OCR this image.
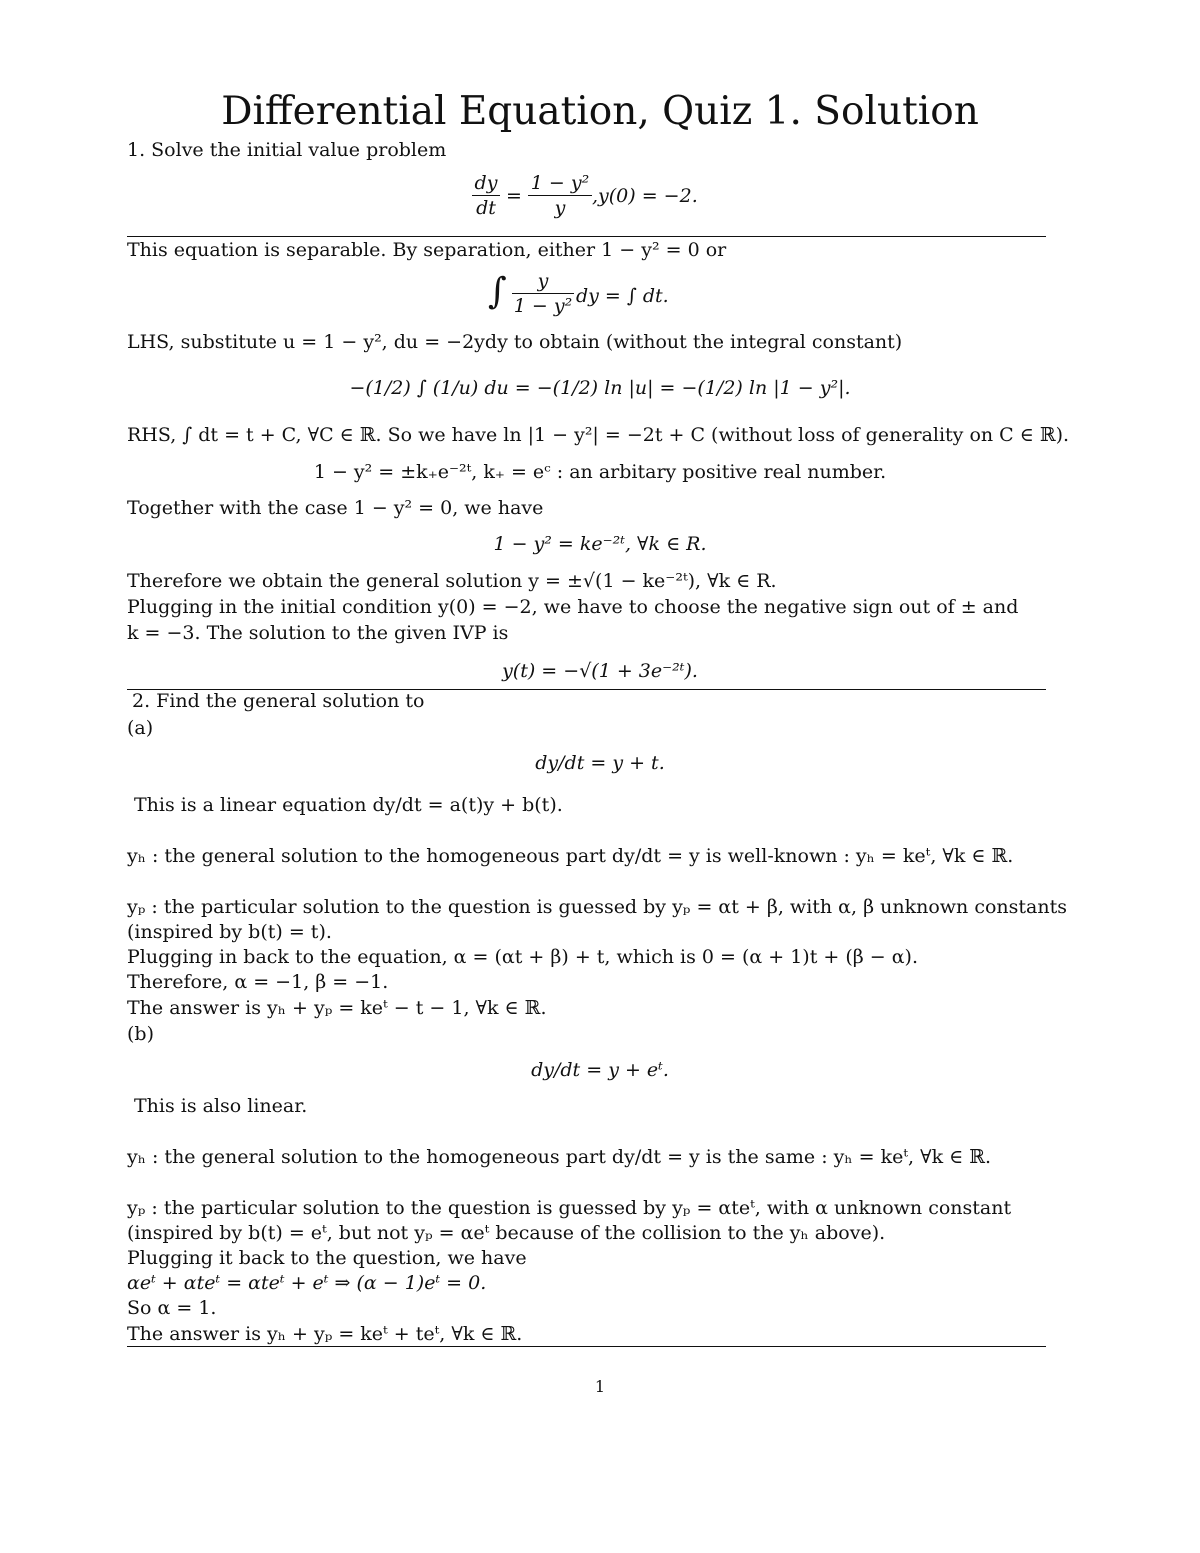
Differential Equation, Quiz 1. Solution
1. Solve the initial value problem
dy
dt
=
1 − y²
y
,y(0) = −2.
This equation is separable. By separation, either 1 − y² = 0 or
∫	y
1 − y² dy = ∫ dt.
LHS, substitute u = 1 − y², du = −2ydy to obtain (without the integral constant)
−(1/2) ∫ (1/u) du = −(1/2) ln |u| = −(1/2) ln |1 − y²|.
RHS, ∫ dt = t + C, ∀C ∈ ℝ. So we have ln |1 − y²| = −2t + C (without loss of generality on C ∈ ℝ).
1 − y² = ±k₊e⁻²ᵗ, k₊ = eᶜ : an arbitary positive real number.
Together with the case 1 − y² = 0, we have
1 − y² = ke⁻²ᵗ, ∀k ∈ R.
Therefore we obtain the general solution y = ±√(1 − ke⁻²ᵗ), ∀k ∈ R.
Plugging in the initial condition y(0) = −2, we have to choose the negative sign out of ± and
k = −3. The solution to the given IVP is
y(t) = −√(1 + 3e⁻²ᵗ).
2. Find the general solution to
(a)
dy/dt = y + t.
This is a linear equation dy/dt = a(t)y + b(t).
yₕ : the general solution to the homogeneous part dy/dt = y is well-known : yₕ = keᵗ, ∀k ∈ ℝ.
yₚ : the particular solution to the question is guessed by yₚ = αt + β, with α, β unknown constants
(inspired by b(t) = t).
Plugging in back to the equation, α = (αt + β) + t, which is 0 = (α + 1)t + (β − α).
Therefore, α = −1, β = −1.
The answer is yₕ + yₚ = keᵗ − t − 1, ∀k ∈ ℝ.
(b)
dy/dt = y + eᵗ.
This is also linear.
yₕ : the general solution to the homogeneous part dy/dt = y is the same : yₕ = keᵗ, ∀k ∈ ℝ.
yₚ : the particular solution to the question is guessed by yₚ = αteᵗ, with α unknown constant
(inspired by b(t) = eᵗ, but not yₚ = αeᵗ because of the collision to the yₕ above).
Plugging it back to the question, we have
αeᵗ + αteᵗ = αteᵗ + eᵗ ⇒ (α − 1)eᵗ = 0.
So α = 1.
The answer is yₕ + yₚ = keᵗ + teᵗ, ∀k ∈ ℝ.
1
